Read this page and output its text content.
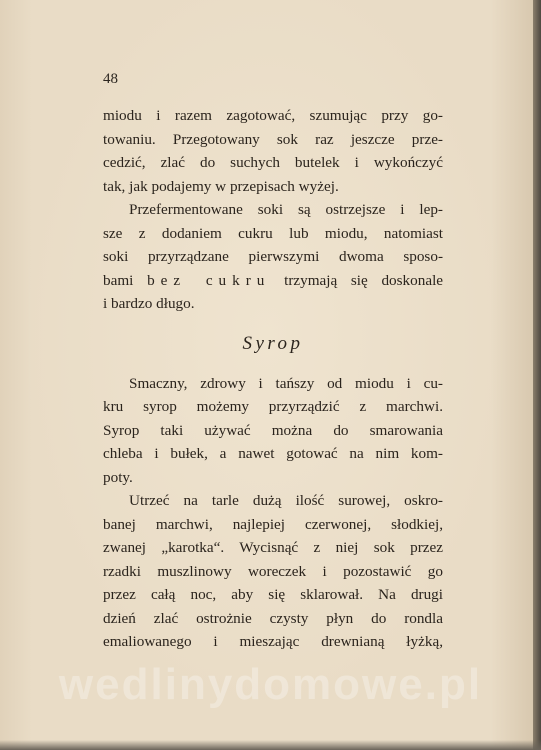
48
miodu i razem zagotować, szumując przy go-
towaniu. Przegotowany sok raz jeszcze prze-
cedzić, zlać do suchych butelek i wykończyć
tak, jak podajemy w przepisach wyżej.
Przefermentowane soki są ostrzejsze i lep-
sze z dodaniem cukru lub miodu, natomiast
soki przyrządzane pierwszymi dwoma sposo-
bami bez cukru trzymają się doskonale
i bardzo długo.
Syrop
Smaczny, zdrowy i tańszy od miodu i cu-
kru syrop możemy przyrządzić z marchwi.
Syrop taki używać można do smarowania
chleba i bułek, a nawet gotować na nim kom-
poty.
Utrzeć na tarle dużą ilość surowej, oskro-
banej marchwi, najlepiej czerwonej, słodkiej,
zwanej „karotka“. Wycisnąć z niej sok przez
rzadki muszlinowy woreczek i pozostawić go
przez całą noc, aby się sklarował. Na drugi
dzień zlać ostrożnie czysty płyn do rondla
emaliowanego i mieszając drewnianą łyżką,
wedlinydomowe.pl
